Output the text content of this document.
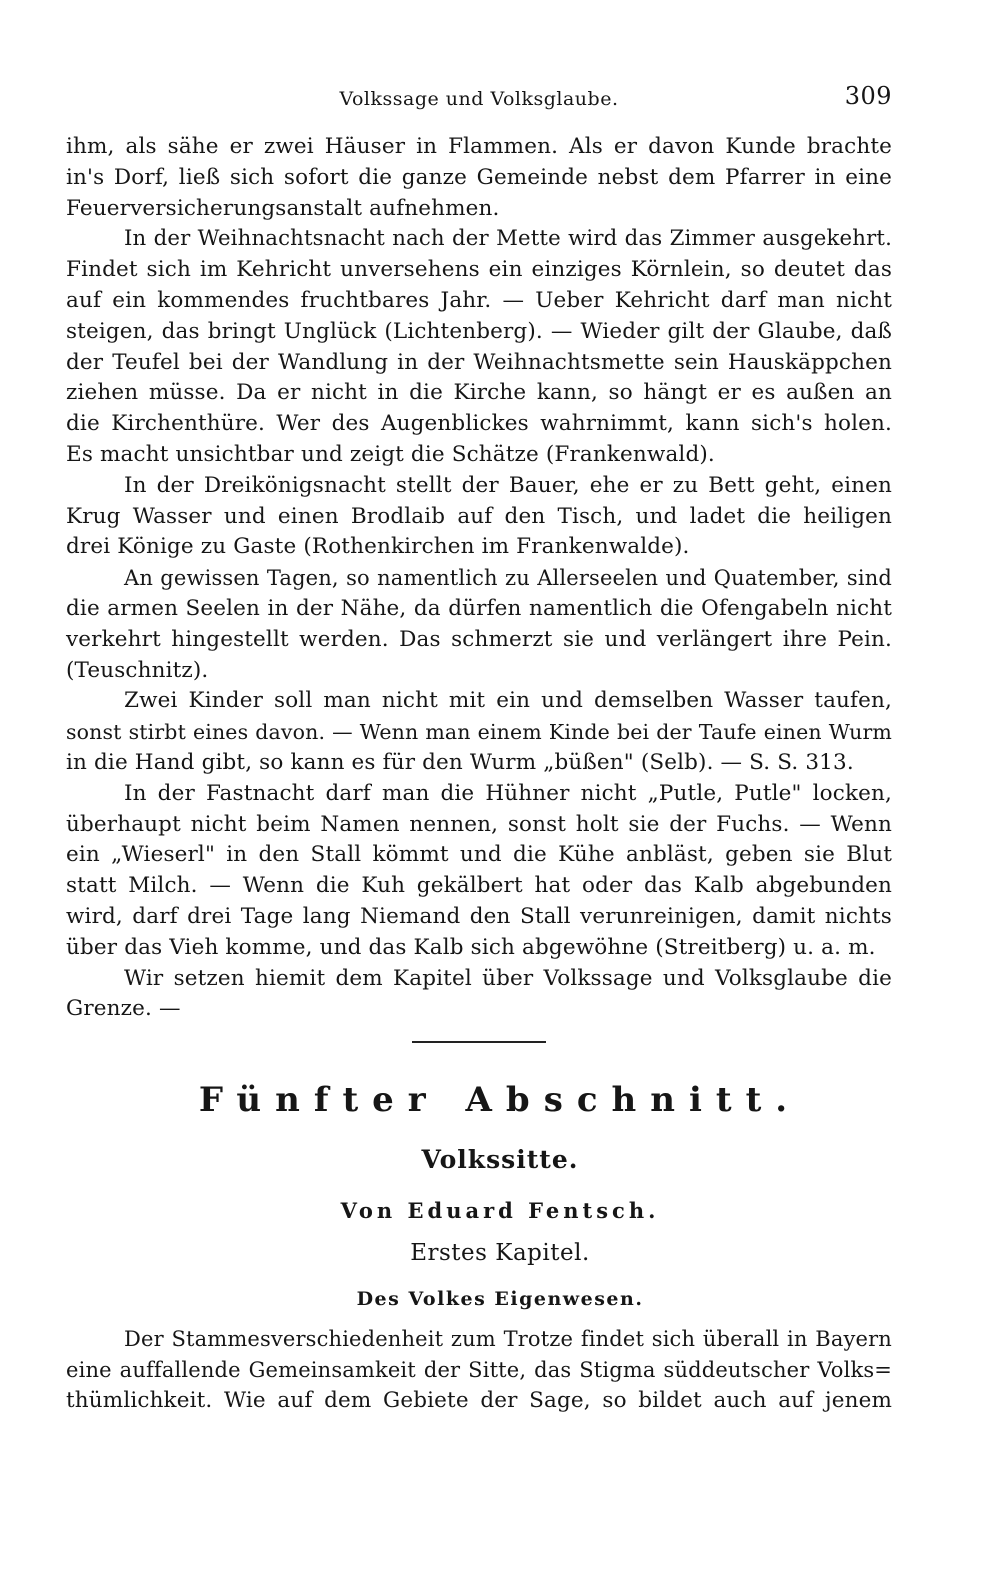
Volkssage und Volksglaube.	309
ihm, als sähe er zwei Häuser in Flammen. Als er davon Kunde brachte
in's Dorf, ließ sich sofort die ganze Gemeinde nebst dem Pfarrer in eine
Feuerversicherungsanstalt aufnehmen.
In der Weihnachtsnacht nach der Mette wird das Zimmer ausgekehrt.
Findet sich im Kehricht unversehens ein einziges Körnlein, so deutet das
auf ein kommendes fruchtbares Jahr. — Ueber Kehricht darf man nicht
steigen, das bringt Unglück (Lichtenberg). — Wieder gilt der Glaube, daß
der Teufel bei der Wandlung in der Weihnachtsmette sein Hauskäppchen
ziehen müsse. Da er nicht in die Kirche kann, so hängt er es außen an
die Kirchenthüre. Wer des Augenblickes wahrnimmt, kann sich's holen.
Es macht unsichtbar und zeigt die Schätze (Frankenwald).
In der Dreikönigsnacht stellt der Bauer, ehe er zu Bett geht, einen
Krug Wasser und einen Brodlaib auf den Tisch, und ladet die heiligen
drei Könige zu Gaste (Rothenkirchen im Frankenwalde).
An gewissen Tagen, so namentlich zu Allerseelen und Quatember, sind
die armen Seelen in der Nähe, da dürfen namentlich die Ofengabeln nicht
verkehrt hingestellt werden. Das schmerzt sie und verlängert ihre Pein.
(Teuschnitz).
Zwei Kinder soll man nicht mit ein und demselben Wasser taufen,
sonst stirbt eines davon. — Wenn man einem Kinde bei der Taufe einen Wurm
in die Hand gibt, so kann es für den Wurm „büßen" (Selb). — S. S. 313.
In der Fastnacht darf man die Hühner nicht „Putle, Putle" locken,
überhaupt nicht beim Namen nennen, sonst holt sie der Fuchs. — Wenn
ein „Wieserl" in den Stall kömmt und die Kühe anbläst, geben sie Blut
statt Milch. — Wenn die Kuh gekälbert hat oder das Kalb abgebunden
wird, darf drei Tage lang Niemand den Stall verunreinigen, damit nichts
über das Vieh komme, und das Kalb sich abgewöhne (Streitberg) u. a. m.
Wir setzen hiemit dem Kapitel über Volkssage und Volksglaube die
Grenze. —
Fünfter Abschnitt.
Volkssitte.
Von Eduard Fentsch.
Erstes Kapitel.
Des Volkes Eigenwesen.
Der Stammesverschiedenheit zum Trotze findet sich überall in Bayern
eine auffallende Gemeinsamkeit der Sitte, das Stigma süddeutscher Volks=
thümlichkeit. Wie auf dem Gebiete der Sage, so bildet auch auf jenem
